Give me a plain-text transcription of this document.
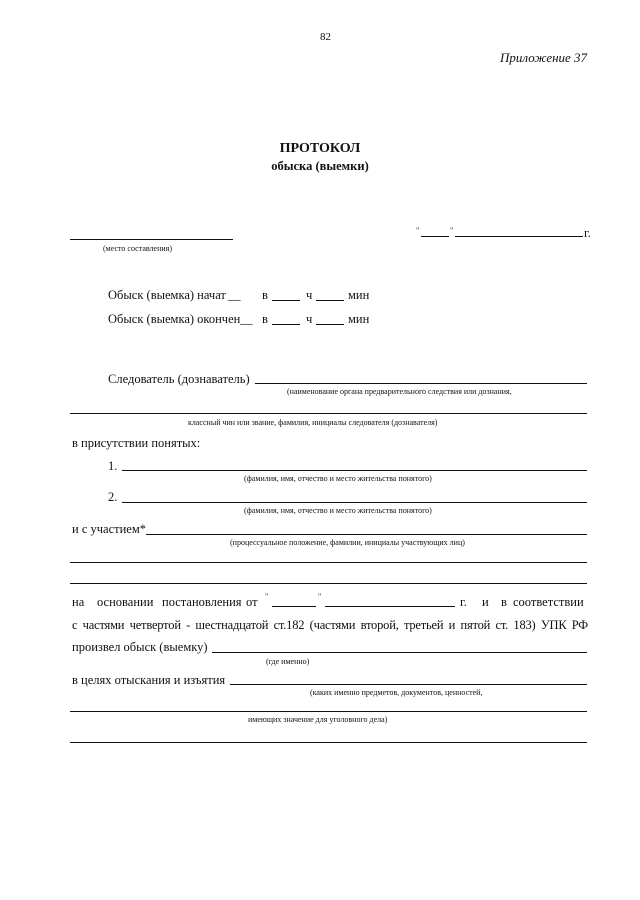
82
Приложение 37
ПРОТОКОЛ
обыска (выемки)
"	"	г.
(место составления)
Обыск (выемка) начат __ в	ч	мин
Обыск (выемка) окончен __ в	ч	мин
Следователь (дознаватель)
(наименование органа предварительного следствия или дознания,
классный чин или звание, фамилия, инициалы следователя (дознавателя)
в присутствии понятых:
1.
(фамилия, имя, отчество и место жительства понятого)
2.
(фамилия, нмя, отчество и место жительства понятого)
и с участием*
(процессуальное положение, фамилии, инициалы участвующих лиц)
на основании постановления от "	"	г. и в соответствии
с частями четвертой - шестнадцатой ст.182 (частями второй, третьей и пятой ст. 183) УПК РФ
произвел обыск (выемку)
(где именно)
в целях отыскания и изъятия
(каких именно предметов, документов, ценностей,
имеющих значение для уголовного дела)
